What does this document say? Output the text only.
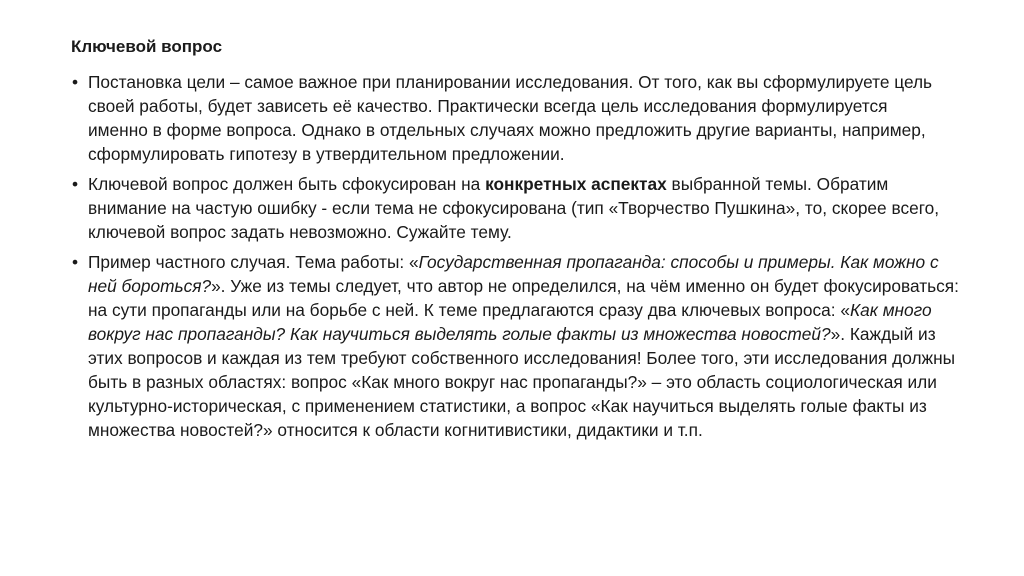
Ключевой вопрос
• Постановка цели – самое важное при планировании исследования. От того, как вы сформулируете цель своей работы, будет зависеть её качество. Практически всегда цель исследования формулируется именно в форме вопроса. Однако в отдельных случаях можно предложить другие варианты, например, сформулировать гипотезу в утвердительном предложении.
• Ключевой вопрос должен быть сфокусирован на конкретных аспектах выбранной темы. Обратим внимание на частую ошибку - если тема не сфокусирована (тип «Творчество Пушкина», то, скорее всего, ключевой вопрос задать невозможно. Сужайте тему.
• Пример частного случая. Тема работы: «Государственная пропаганда: способы и примеры. Как можно с ней бороться?». Уже из темы следует, что автор не определился, на чём именно он будет фокусироваться: на сути пропаганды или на борьбе с ней. К теме предлагаются сразу два ключевых вопроса: «Как много вокруг нас пропаганды? Как научиться выделять голые факты из множества новостей?». Каждый из этих вопросов и каждая из тем требуют собственного исследования! Более того, эти исследования должны быть в разных областях: вопрос «Как много вокруг нас пропаганды?» – это область социологическая или культурно-историческая, с применением статистики, а вопрос «Как научиться выделять голые факты из множества новостей?» относится к области когнитивистики, дидактики и т.п.
